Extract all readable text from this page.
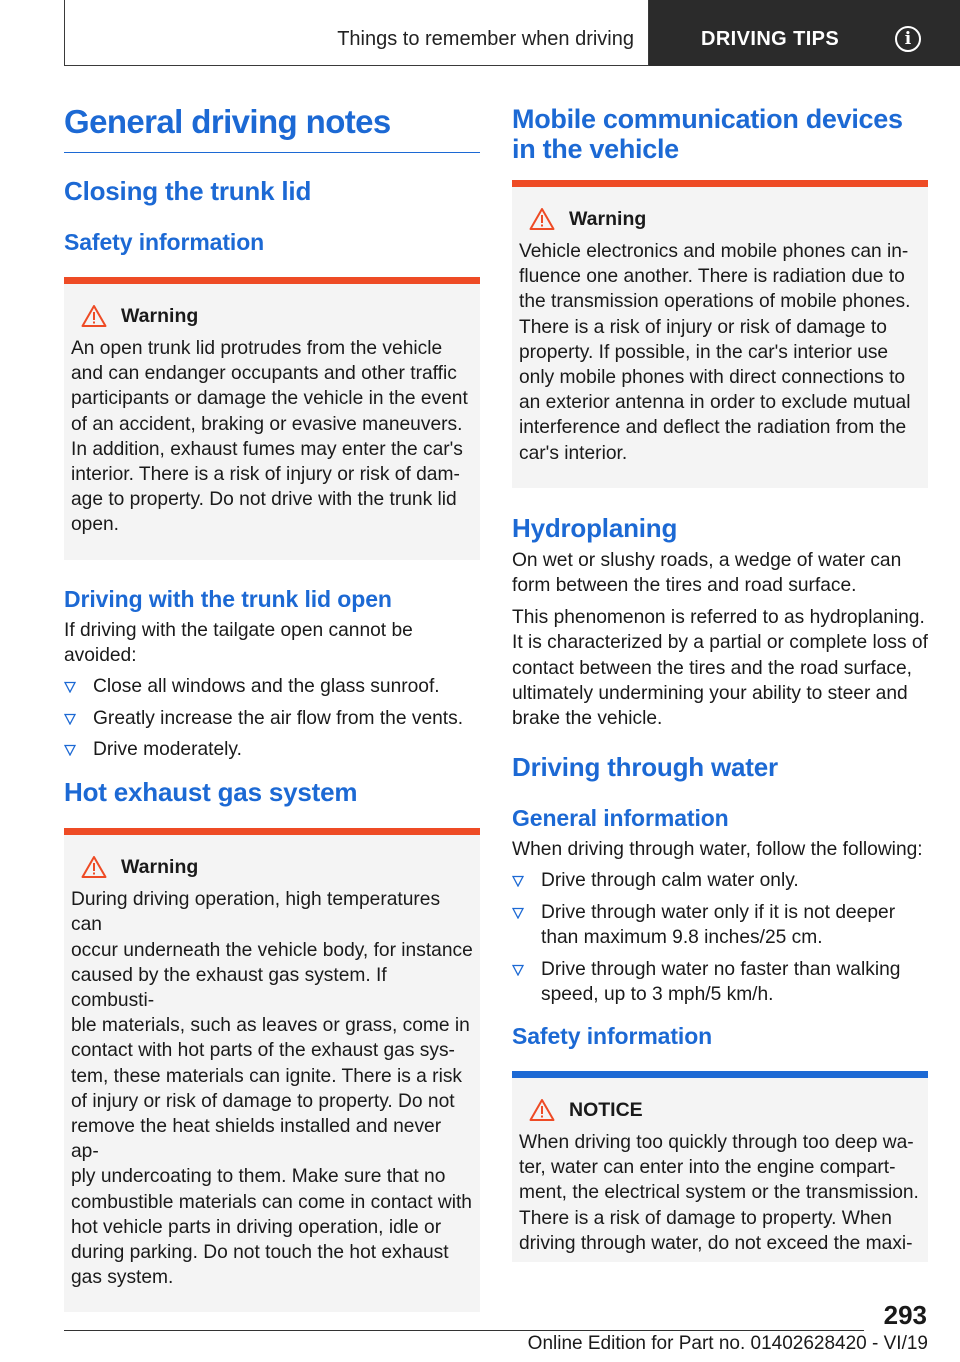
Things to remember when driving	DRIVING TIPS	i
General driving notes
Closing the trunk lid
Safety information
Warning

An open trunk lid protrudes from the vehicle
and can endanger occupants and other traffic
participants or damage the vehicle in the event
of an accident, braking or evasive maneuvers.
In addition, exhaust fumes may enter the car's
interior. There is a risk of injury or risk of dam‐
age to property. Do not drive with the trunk lid
open.

Driving with the trunk lid open

If driving with the tailgate open cannot be
avoided:

Close all windows and the glass sunroof.
Greatly increase the air flow from the vents.
Drive moderately.
Hot exhaust gas system
Warning

During driving operation, high temperatures can
occur underneath the vehicle body, for instance
caused by the exhaust gas system. If combusti‐
ble materials, such as leaves or grass, come in
contact with hot parts of the exhaust gas sys‐
tem, these materials can ignite. There is a risk
of injury or risk of damage to property. Do not
remove the heat shields installed and never ap‐
ply undercoating to them. Make sure that no
combustible materials can come in contact with
hot vehicle parts in driving operation, idle or
during parking. Do not touch the hot exhaust
gas system.

Mobile communication devices
in the vehicle
Warning

Vehicle electronics and mobile phones can in‐
fluence one another. There is radiation due to
the transmission operations of mobile phones.
There is a risk of injury or risk of damage to
property. If possible, in the car's interior use
only mobile phones with direct connections to
an exterior antenna in order to exclude mutual
interference and deflect the radiation from the
car's interior.

Hydroplaning

On wet or slushy roads, a wedge of water can
form between the tires and road surface.

This phenomenon is referred to as hydroplaning.
It is characterized by a partial or complete loss of
contact between the tires and the road surface,
ultimately undermining your ability to steer and
brake the vehicle.

Driving through water
General information

When driving through water, follow the following:

Drive through calm water only.
Drive through water only if it is not deeper
than maximum 9.8 inches/25 cm.
Drive through water no faster than walking
speed, up to 3 mph/5 km/h.
Safety information
NOTICE

When driving too quickly through too deep wa‐
ter, water can enter into the engine compart‐
ment, the electrical system or the transmission.
There is a risk of damage to property. When
driving through water, do not exceed the maxi‐

293
Online Edition for Part no. 01402628420 - VI/19
